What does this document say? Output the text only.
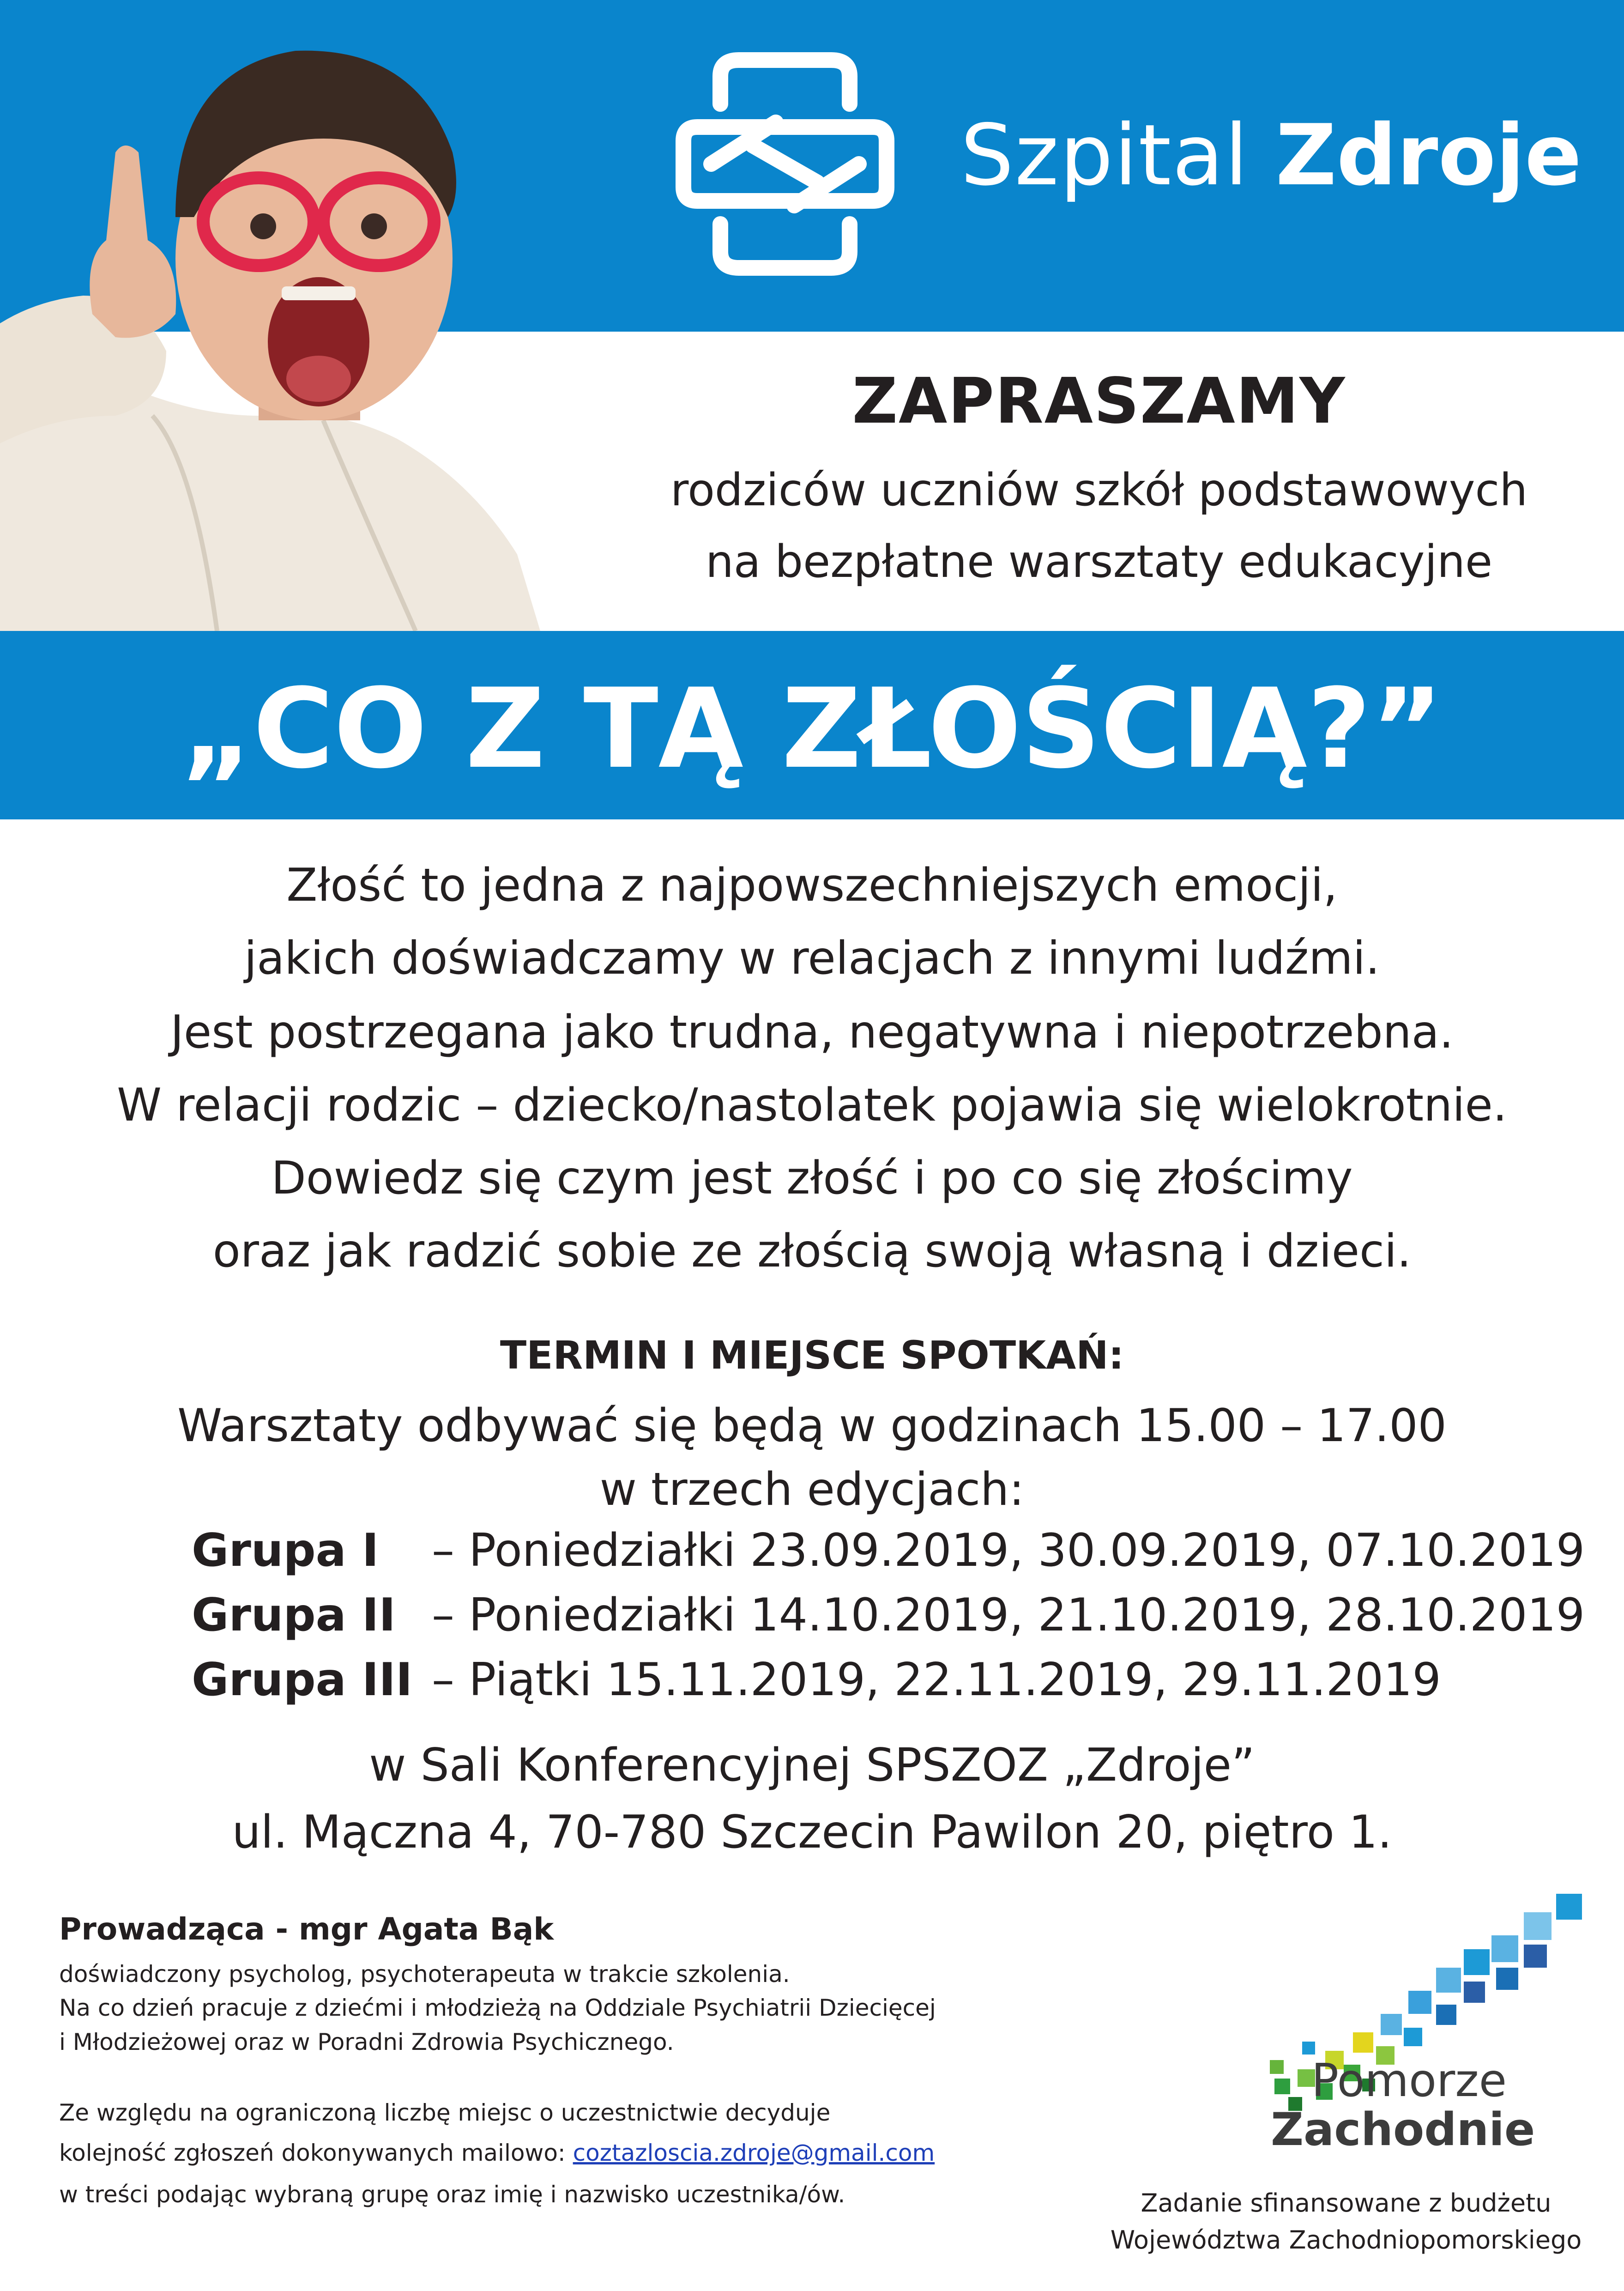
Szpital Zdroje
ZAPRASZAMY
rodziców uczniów szkół podstawowych
na bezpłatne warsztaty edukacyjne
„CO Z TĄ ZŁOŚCIĄ?”
Złość to jedna z najpowszechniejszych emocji,
jakich doświadczamy w relacjach z innymi ludźmi.
Jest postrzegana jako trudna, negatywna i niepotrzebna.
W relacji rodzic – dziecko/nastolatek pojawia się wielokrotnie.
Dowiedz się czym jest złość i po co się złościmy
oraz jak radzić sobie ze złością swoją własną i dzieci.
TERMIN I MIEJSCE SPOTKAŃ:
Warsztaty odbywać się będą w godzinach 15.00 – 17.00
w trzech edycjach:
Grupa I – Poniedziałki 23.09.2019, 30.09.2019, 07.10.2019
Grupa II – Poniedziałki 14.10.2019, 21.10.2019, 28.10.2019
Grupa III – Piątki 15.11.2019, 22.11.2019, 29.11.2019
w Sali Konferencyjnej SPSZOZ „Zdroje”
ul. Mączna 4, 70-780 Szczecin Pawilon 20, piętro 1.
Prowadząca - mgr Agata Bąk
doświadczony psycholog, psychoterapeuta w trakcie szkolenia.
Na co dzień pracuje z dziećmi i młodzieżą na Oddziale Psychiatrii Dziecięcej
i Młodzieżowej oraz w Poradni Zdrowia Psychicznego.
Ze względu na ograniczoną liczbę miejsc o uczestnictwie decyduje
kolejność zgłoszeń dokonywanych mailowo: coztazloscia.zdroje@gmail.com
w treści podając wybraną grupę oraz imię i nazwisko uczestnika/ów.
Pomorze
Zachodnie
Zadanie sfinansowane z budżetu
Województwa Zachodniopomorskiego
